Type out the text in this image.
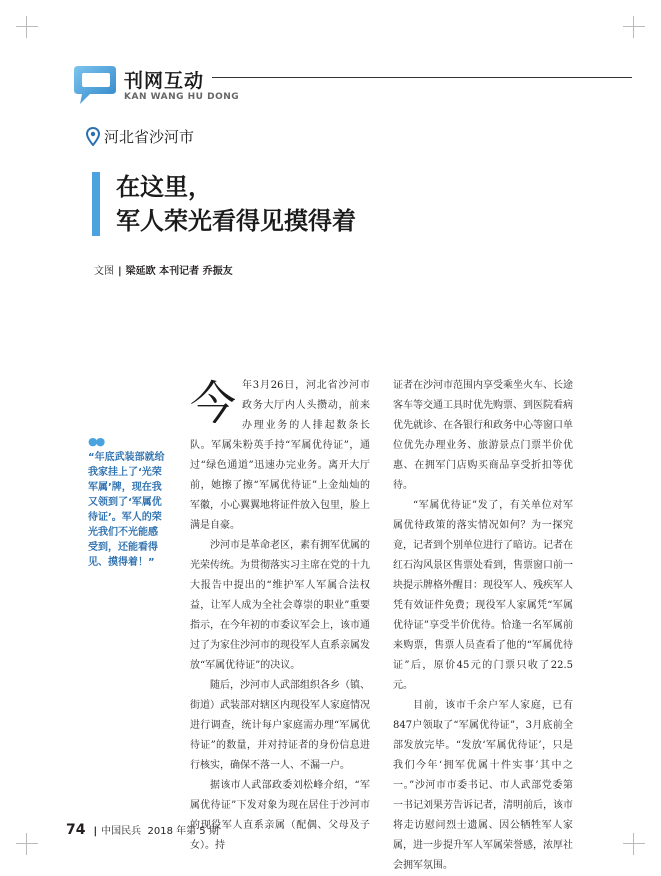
刊网互动
KAN WANG HU DONG
河北省沙河市
在这里，
军人荣光看得见摸得着
文图 | 梁延欧 本刊记者 乔振友
●●
“年底武装部就给我家挂上了‘光荣军属’牌，现在我又领到了‘军属优待证’。军人的荣光我们不光能感受到，还能看得见、摸得着！”

今年3月26日，河北省沙河市政务大厅内人头攒动，前来办理业务的人排起数条长队。军属朱粉英手持“军属优待证”，通过“绿色通道”迅速办完业务。离开大厅前，她擦了擦“军属优待证”上金灿灿的军徽，小心翼翼地将证件放入包里，脸上满是自豪。

沙河市是革命老区，素有拥军优属的光荣传统。为贯彻落实习主席在党的十九大报告中提出的“维护军人军属合法权益，让军人成为全社会尊崇的职业”重要指示，在今年初的市委议军会上，该市通过了为家住沙河市的现役军人直系亲属发放“军属优待证”的决议。

随后，沙河市人武部组织各乡（镇、街道）武装部对辖区内现役军人家庭情况进行调查，统计每户家庭需办理“军属优待证”的数量，并对持证者的身份信息进行核实，确保不落一人、不漏一户。

据该市人武部政委刘松峰介绍，“军属优待证”下发对象为现在居住于沙河市的现役军人直系亲属（配偶、父母及子女）。持

证者在沙河市范围内享受乘坐火车、长途客车等交通工具时优先购票、到医院看病优先就诊、在各银行和政务中心等窗口单位优先办理业务、旅游景点门票半价优惠、在拥军门店购买商品享受折扣等优待。

“军属优待证”发了，有关单位对军属优待政策的落实情况如何？为一探究竟，记者到个别单位进行了暗访。记者在红石沟风景区售票处看到，售票窗口前一块提示牌格外醒目：现役军人、残疾军人凭有效证件免费；现役军人家属凭“军属优待证”享受半价优待。恰逢一名军属前来购票，售票人员查看了他的“军属优待证”后，原价45元的门票只收了22.5元。

目前，该市千余户军人家庭，已有847户领取了“军属优待证”，3月底前全部发放完毕。“发放‘军属优待证’，只是我们今年‘拥军优属十件实事’其中之一。”沙河市市委书记、市人武部党委第一书记刘果芳告诉记者，清明前后，该市将走访慰问烈士遗属、因公牺牲军人家属，进一步提升军人军属荣誉感，浓厚社会拥军氛围。

74 | 中国民兵 2018 年第 5 期
